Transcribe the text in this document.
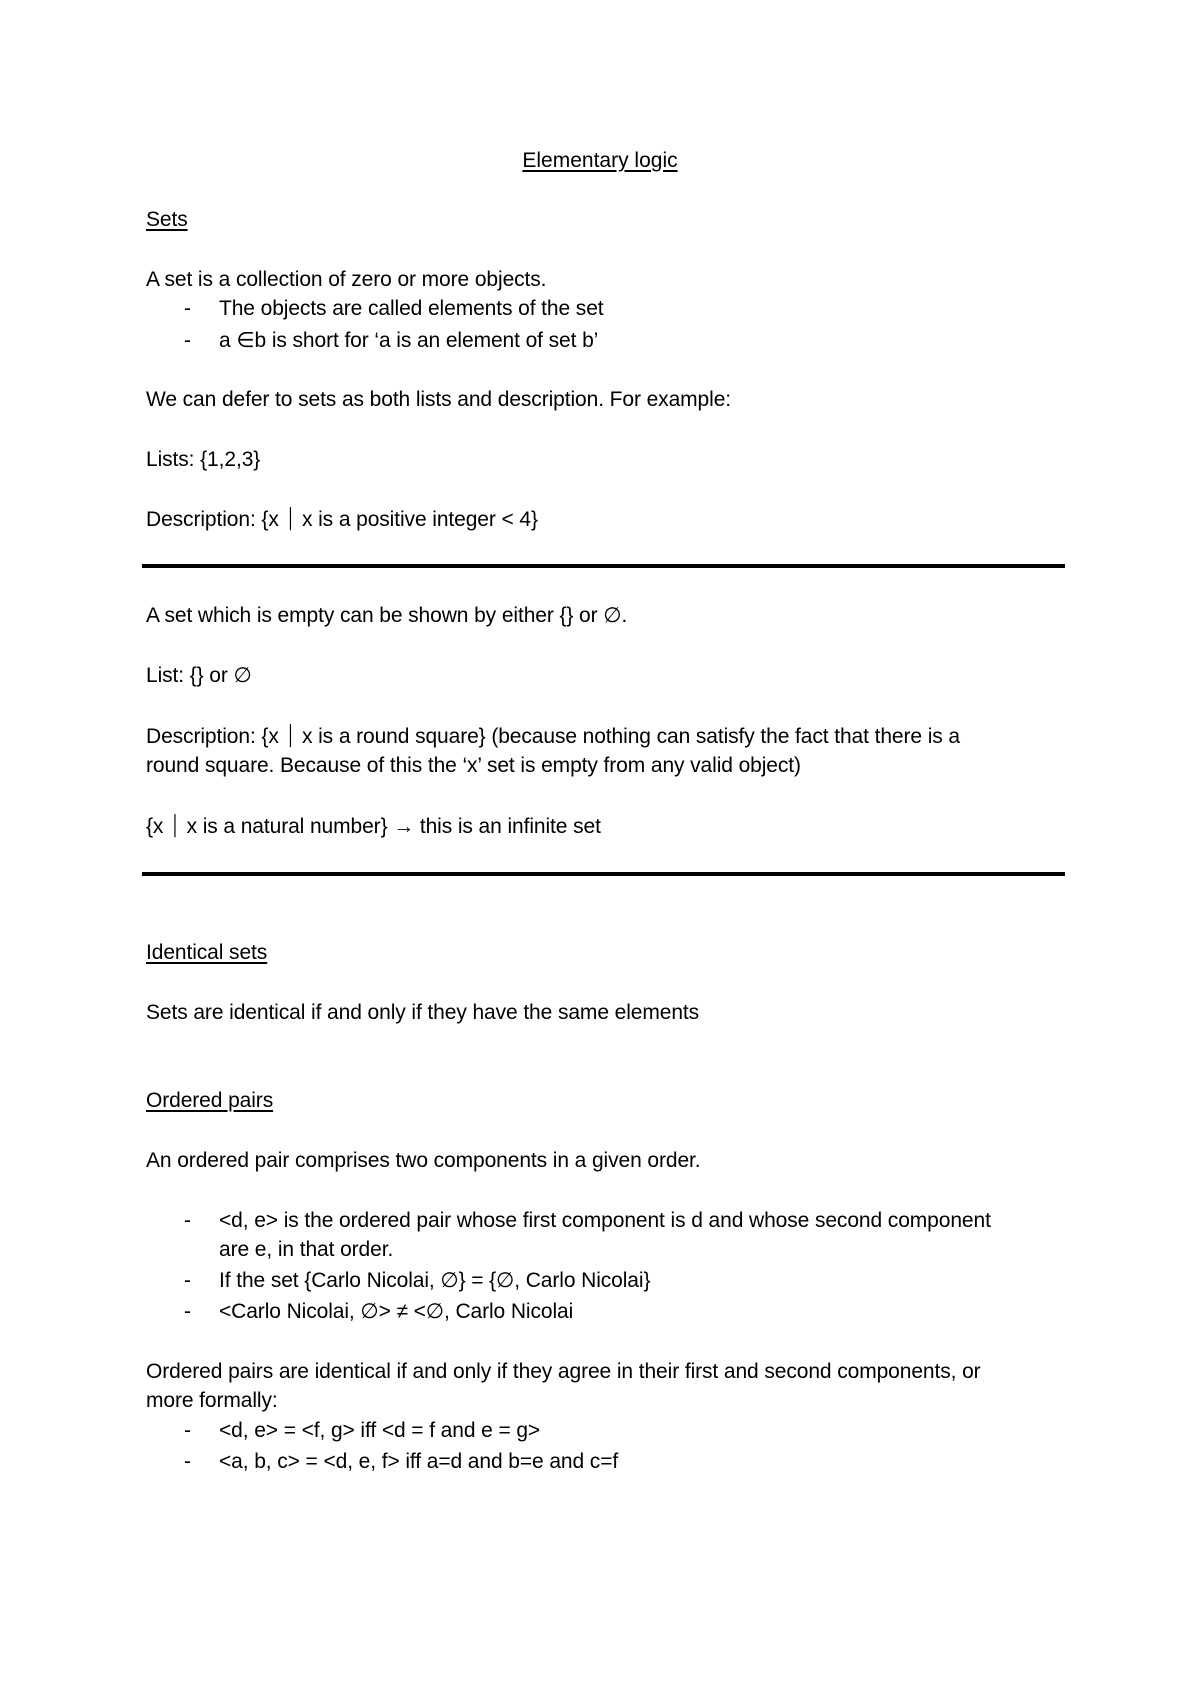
Elementary logic
Sets
A set is a collection of zero or more objects.
- The objects are called elements of the set
- a ∈b is short for ‘a is an element of set b’
We can defer to sets as both lists and description. For example:
Lists: {1,2,3}
Description: {x ⏐ x is a positive integer < 4}
A set which is empty can be shown by either {} or ∅.
List: {} or ∅
Description: {x ⏐ x is a round square} (because nothing can satisfy the fact that there is a
round square. Because of this the ‘x’ set is empty from any valid object)
{x ⏐ x is a natural number} → this is an infinite set
Identical sets
Sets are identical if and only if they have the same elements
Ordered pairs
An ordered pair comprises two components in a given order.
- <d, e> is the ordered pair whose first component is d and whose second component
are e, in that order.
- If the set {Carlo Nicolai, ∅} = {∅, Carlo Nicolai}
- <Carlo Nicolai, ∅> ≠ <∅, Carlo Nicolai
Ordered pairs are identical if and only if they agree in their first and second components, or
more formally:
- <d, e> = <f, g> iff <d = f and e = g>
- <a, b, c> = <d, e, f> iff a=d and b=e and c=f
